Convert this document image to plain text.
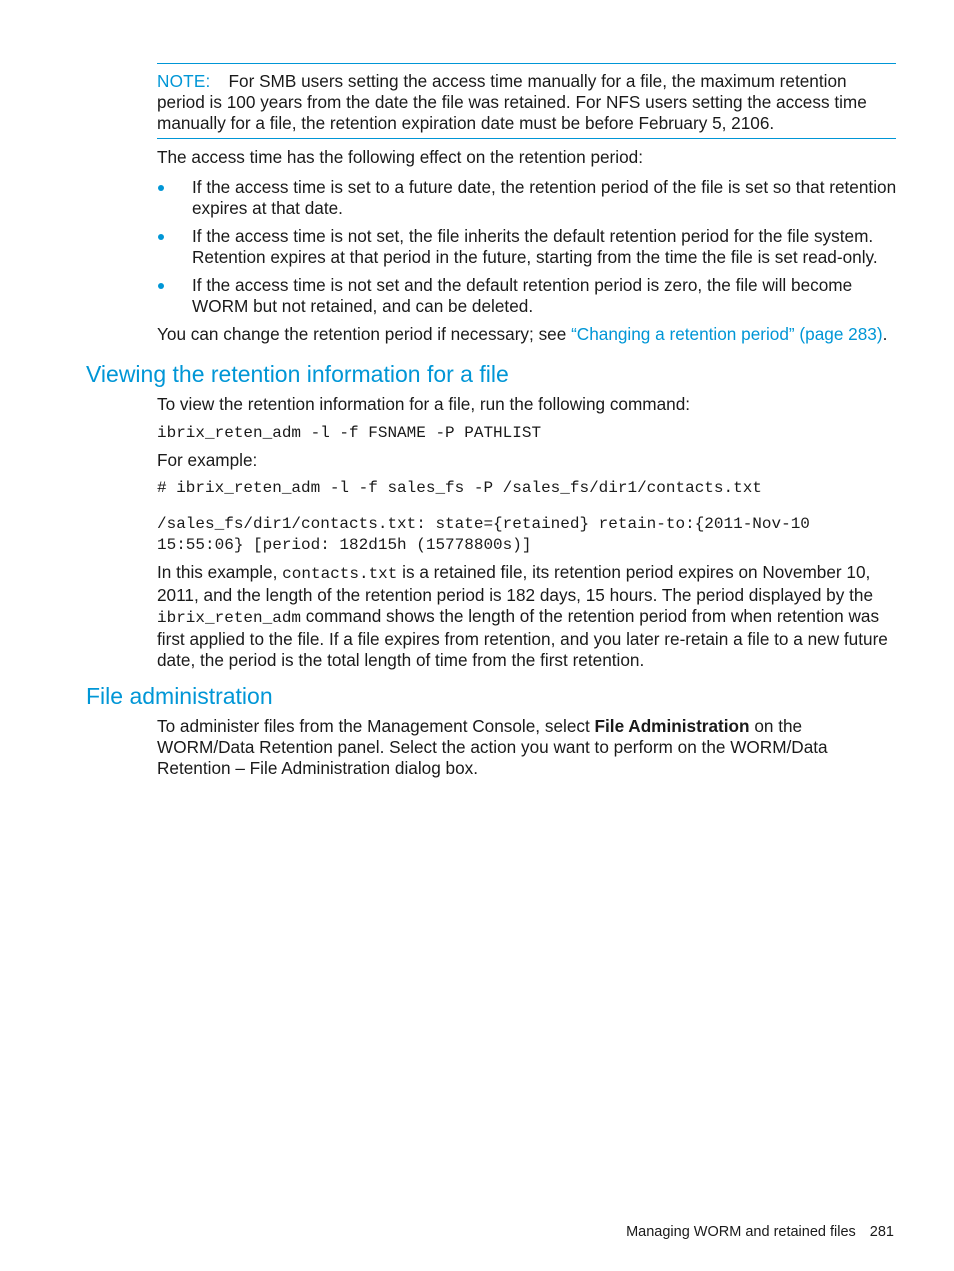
NOTE: For SMB users setting the access time manually for a file, the maximum retention period is 100 years from the date the file was retained. For NFS users setting the access time manually for a file, the retention expiration date must be before February 5, 2106.

The access time has the following effect on the retention period:

If the access time is set to a future date, the retention period of the file is set so that retention expires at that date.
If the access time is not set, the file inherits the default retention period for the file system. Retention expires at that period in the future, starting from the time the file is set read-only.
If the access time is not set and the default retention period is zero, the file will become WORM but not retained, and can be deleted.

You can change the retention period if necessary; see “Changing a retention period” (page 283).

Viewing the retention information for a file

To view the retention information for a file, run the following command:

ibrix_reten_adm -l -f FSNAME -P PATHLIST

For example:

# ibrix_reten_adm -l -f sales_fs -P /sales_fs/dir1/contacts.txt
/sales_fs/dir1/contacts.txt: state={retained} retain-to:{2011-Nov-10
15:55:06} [period: 182d15h (15778800s)]

In this example, contacts.txt is a retained file, its retention period expires on November 10, 2011, and the length of the retention period is 182 days, 15 hours. The period displayed by the ibrix_reten_adm command shows the length of the retention period from when retention was first applied to the file. If a file expires from retention, and you later re-retain a file to a new future date, the period is the total length of time from the first retention.

File administration

To administer files from the Management Console, select File Administration on the WORM/Data Retention panel. Select the action you want to perform on the WORM/Data Retention – File Administration dialog box.

Managing WORM and retained files 281
